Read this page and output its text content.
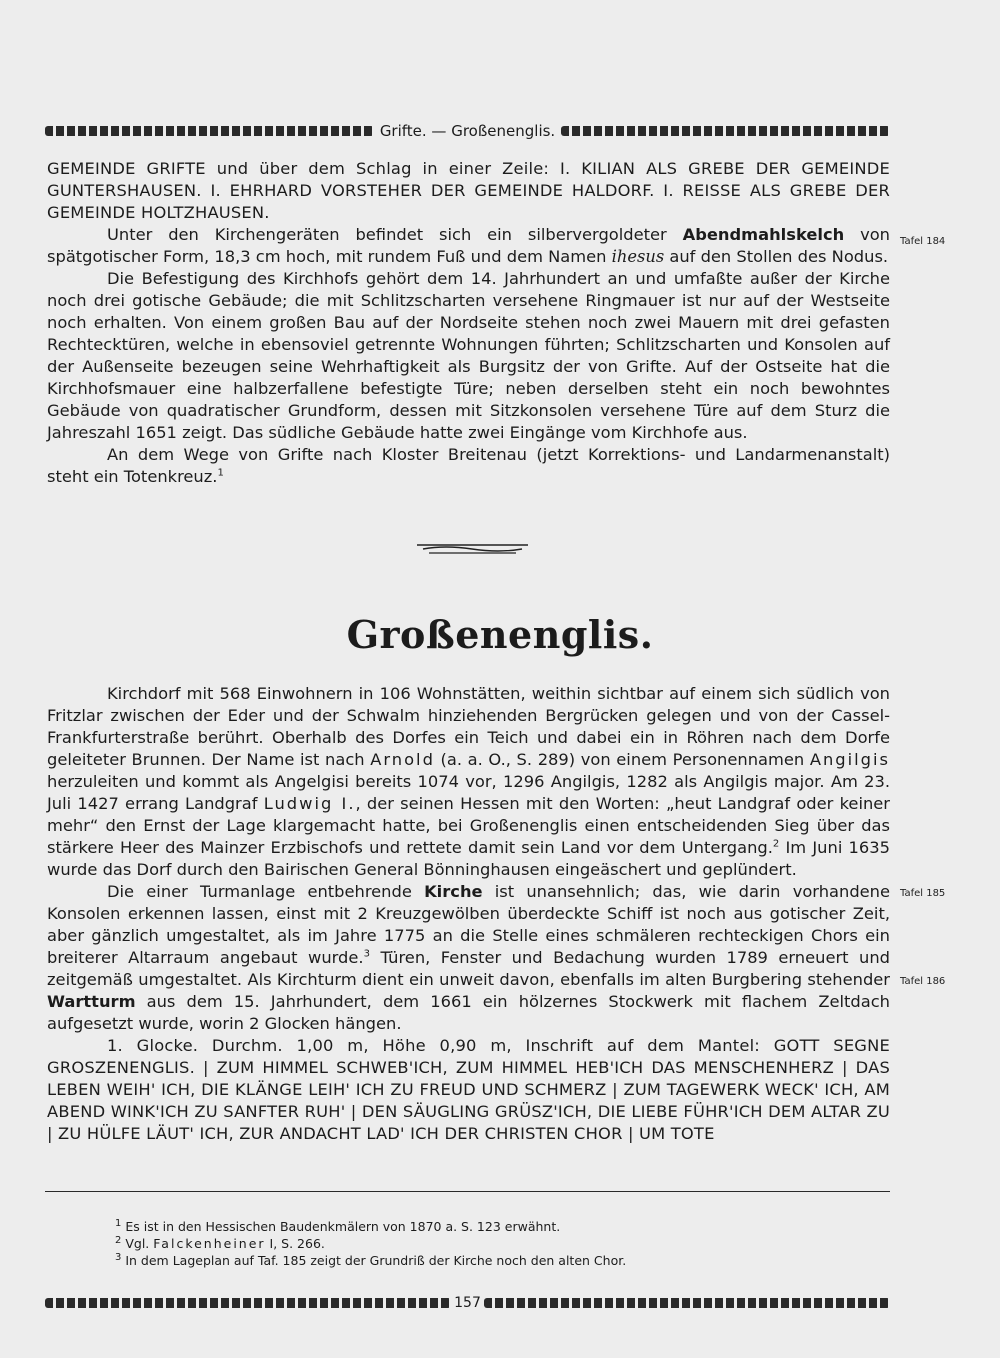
Grifte. — Großenenglis.

GEMEINDE GRIFTE und über dem Schlag in einer Zeile: I. KILIAN ALS GREBE DER GEMEINDE GUNTERSHAUSEN. I. EHRHARD VORSTEHER DER GEMEINDE HALDORF. I. REISSE ALS GREBE DER GEMEINDE HOLTZHAUSEN.

Unter den Kirchengeräten befindet sich ein silbervergoldeter Abendmahlskelch von spätgotischer Form, 18,3 cm hoch, mit rundem Fuß und dem Namen ihesus auf den Stollen des Nodus.

Die Befestigung des Kirchhofs gehört dem 14. Jahrhundert an und umfaßte außer der Kirche noch drei gotische Gebäude; die mit Schlitzscharten versehene Ringmauer ist nur auf der Westseite noch erhalten. Von einem großen Bau auf der Nordseite stehen noch zwei Mauern mit drei gefasten Rechtecktüren, welche in ebensoviel getrennte Wohnungen führten; Schlitzscharten und Konsolen auf der Außenseite bezeugen seine Wehrhaftigkeit als Burgsitz der von Grifte. Auf der Ostseite hat die Kirchhofsmauer eine halbzerfallene befestigte Türe; neben derselben steht ein noch bewohntes Gebäude von quadratischer Grundform, dessen mit Sitzkonsolen versehene Türe auf dem Sturz die Jahreszahl 1651 zeigt. Das südliche Gebäude hatte zwei Eingänge vom Kirchhofe aus.

An dem Wege von Grifte nach Kloster Breitenau (jetzt Korrektions- und Landarmenanstalt) steht ein Totenkreuz.$^1$

Tafel 184
Großenenglis.

Kirchdorf mit 568 Einwohnern in 106 Wohnstätten, weithin sichtbar auf einem sich südlich von Fritzlar zwischen der Eder und der Schwalm hinziehenden Bergrücken gelegen und von der Cassel-Frankfurterstraße berührt. Oberhalb des Dorfes ein Teich und dabei ein in Röhren nach dem Dorfe geleiteter Brunnen. Der Name ist nach Arnold (a. a. O., S. 289) von einem Personennamen Angilgis herzuleiten und kommt als Angelgisi bereits 1074 vor, 1296 Angilgis, 1282 als Angilgis major. Am 23. Juli 1427 errang Landgraf Ludwig I., der seinen Hessen mit den Worten: „heut Landgraf oder keiner mehr“ den Ernst der Lage klargemacht hatte, bei Großenenglis einen entscheidenden Sieg über das stärkere Heer des Mainzer Erzbischofs und rettete damit sein Land vor dem Untergang.$^2$ Im Juni 1635 wurde das Dorf durch den Bairischen General Bönninghausen eingeäschert und geplündert.

Die einer Turmanlage entbehrende Kirche ist unansehnlich; das, wie darin vorhandene Konsolen erkennen lassen, einst mit 2 Kreuzgewölben überdeckte Schiff ist noch aus gotischer Zeit, aber gänzlich umgestaltet, als im Jahre 1775 an die Stelle eines schmäleren rechteckigen Chors ein breiterer Altarraum angebaut wurde.$^3$ Türen, Fenster und Bedachung wurden 1789 erneuert und zeitgemäß umgestaltet. Als Kirchturm dient ein unweit davon, ebenfalls im alten Burgbering stehender Wartturm aus dem 15. Jahrhundert, dem 1661 ein hölzernes Stockwerk mit flachem Zeltdach aufgesetzt wurde, worin 2 Glocken hängen.

1. Glocke. Durchm. 1,00 m, Höhe 0,90 m, Inschrift auf dem Mantel: GOTT SEGNE GROSZENENGLIS. | ZUM HIMMEL SCHWEB'ICH, ZUM HIMMEL HEB'ICH DAS MENSCHENHERZ | DAS LEBEN WEIH' ICH, DIE KLÄNGE LEIH' ICH ZU FREUD UND SCHMERZ | ZUM TAGEWERK WECK' ICH, AM ABEND WINK'ICH ZU SANFTER RUH' | DEN SÄUGLING GRÜSZ'ICH, DIE LIEBE FÜHR'ICH DEM ALTAR ZU | ZU HÜLFE LÄUT' ICH, ZUR ANDACHT LAD' ICH DER CHRISTEN CHOR | UM TOTE

Tafel 185
Tafel 186
$^1$ Es ist in den Hessischen Baudenkmälern von 1870 a. S. 123 erwähnt.
$^2$ Vgl. Falckenheiner I, S. 266.
$^3$ In dem Lageplan auf Taf. 185 zeigt der Grundriß der Kirche noch den alten Chor.
157
